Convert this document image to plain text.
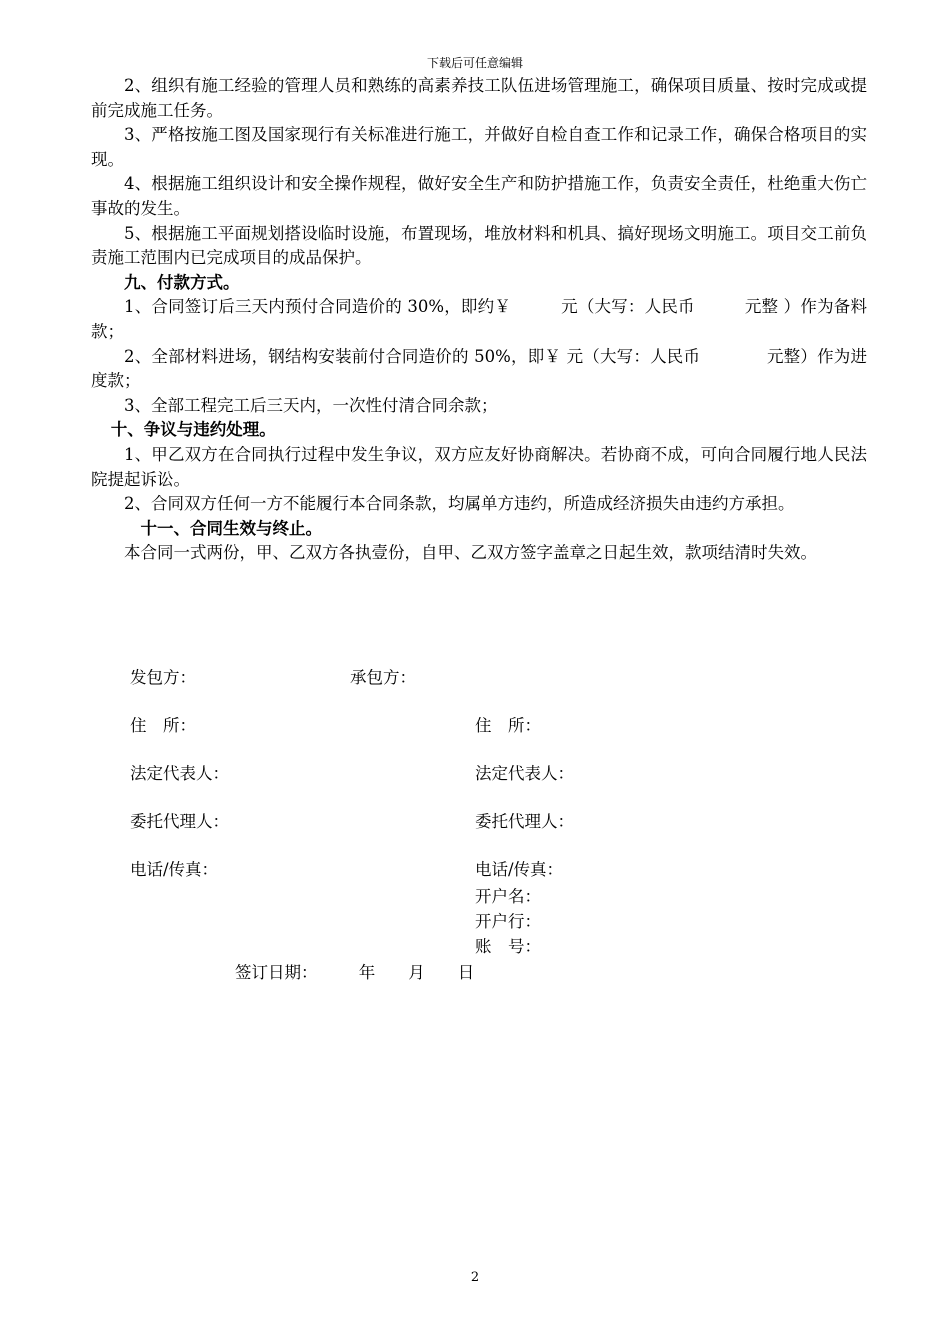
下载后可任意编辑

2、组织有施工经验的管理人员和熟练的高素养技工队伍进场管理施工，确保项目质量、按时完成或提前完成施工任务。

3、严格按施工图及国家现行有关标准进行施工，并做好自检自查工作和记录工作，确保合格项目的实现。

4、根据施工组织设计和安全操作规程，做好安全生产和防护措施工作，负责安全责任，杜绝重大伤亡事故的发生。

5、根据施工平面规划搭设临时设施，布置现场，堆放材料和机具、搞好现场文明施工。项目交工前负责施工范围内已完成项目的成品保护。

九、付款方式。

1、合同签订后三天内预付合同造价的 30%，即约￥　　　元（大写：人民币　　　元整 ）作为备料款；

2、全部材料进场，钢结构安装前付合同造价的 50%，即￥ 元（大写：人民币　　　　元整）作为进度款；

3、全部工程完工后三天内，一次性付清合同余款；

十、争议与违约处理。

1、甲乙双方在合同执行过程中发生争议，双方应友好协商解决。若协商不成，可向合同履行地人民法院提起诉讼。

2、合同双方任何一方不能履行本合同条款，均属单方违约，所造成经济损失由违约方承担。

十一、合同生效与终止。

本合同一式两份，甲、乙双方各执壹份，自甲、乙双方签字盖章之日起生效，款项结清时失效。

发包方：	承包方：
住　所：	住　所：
法定代表人：	法定代表人：
委托代理人：	委托代理人：
电话/传真：	电话/传真：
开户名：
开户行：
账　号：
签订日期：　　　年　　月　　日
2
